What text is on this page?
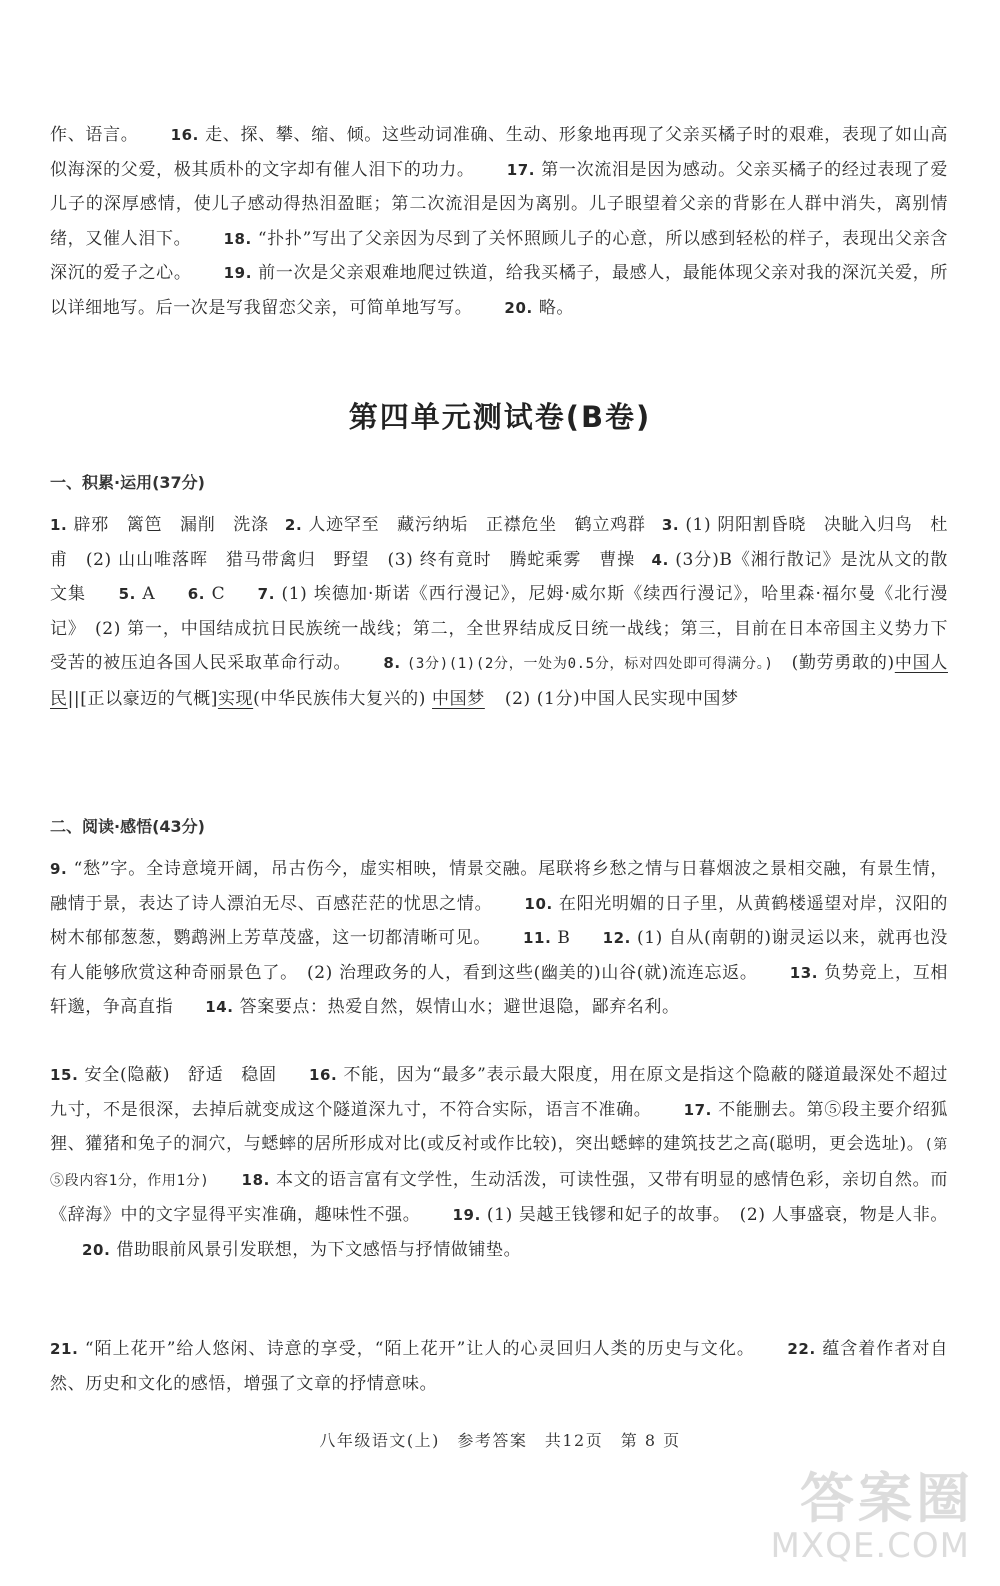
作、语言。 16. 走、探、攀、缩、倾。这些动词准确、生动、形象地再现了父亲买橘子时的艰难，表现了如山高似海深的父爱，极其质朴的文字却有催人泪下的功力。 17. 第一次流泪是因为感动。父亲买橘子的经过表现了爱儿子的深厚感情，使儿子感动得热泪盈眶；第二次流泪是因为离别。儿子眼望着父亲的背影在人群中消失，离别情绪，又催人泪下。 18. “扑扑”写出了父亲因为尽到了关怀照顾儿子的心意，所以感到轻松的样子，表现出父亲含深沉的爱子之心。 19. 前一次是父亲艰难地爬过铁道，给我买橘子，最感人，最能体现父亲对我的深沉关爱，所以详细地写。后一次是写我留恋父亲，可简单地写写。 20. 略。

第四单元测试卷(B卷)
一、积累·运用(37分)

1. 辟邪　篱笆　漏削　洗涤 2. 人迹罕至　藏污纳垢　正襟危坐　鹤立鸡群 3. (1) 阴阳割昏晓　决眦入归鸟　杜甫　(2) 山山唯落晖　猎马带禽归　野望　(3) 终有竟时　腾蛇乘雾　曹操 4. (3分)B《湘行散记》是沈从文的散文集 5. A 6. C 7. (1) 埃德加·斯诺《西行漫记》，尼姆·威尔斯《续西行漫记》，哈里森·福尔曼《北行漫记》　(2) 第一，中国结成抗日民族统一战线；第二，全世界结成反日统一战线；第三，目前在日本帝国主义势力下受苦的被压迫各国人民采取革命行动。 8. (3分)(1)(2分，一处为0.5分，标对四处即可得满分。) (勤劳勇敢的)中国人民||[正以豪迈的气概]实现(中华民族伟大复兴的) 中国梦 (2) (1分)中国人民实现中国梦

二、阅读·感悟(43分)

9. “愁”字。全诗意境开阔，吊古伤今，虚实相映，情景交融。尾联将乡愁之情与日暮烟波之景相交融，有景生情，融情于景，表达了诗人漂泊无尽、百感茫茫的忧思之情。 10. 在阳光明媚的日子里，从黄鹤楼遥望对岸，汉阳的树木郁郁葱葱，鹦鹉洲上芳草茂盛，这一切都清晰可见。 11. B 12. (1) 自从(南朝的)谢灵运以来，就再也没有人能够欣赏这种奇丽景色了。　(2) 治理政务的人，看到这些(幽美的)山谷(就)流连忘返。 13. 负势竞上，互相轩邈，争高直指 14. 答案要点：热爱自然，娱情山水；避世退隐，鄙弃名利。

15. 安全(隐蔽)　舒适　稳固 16. 不能，因为“最多”表示最大限度，用在原文是指这个隐蔽的隧道最深处不超过九寸，不是很深，去掉后就变成这个隧道深九寸，不符合实际，语言不准确。 17. 不能删去。第⑤段主要介绍狐狸、獾猪和兔子的洞穴，与蟋蟀的居所形成对比(或反衬或作比较)，突出蟋蟀的建筑技艺之高(聪明，更会选址)。(第⑤段内容1分，作用1分) 18. 本文的语言富有文学性，生动活泼，可读性强，又带有明显的感情色彩，亲切自然。而《辞海》中的文字显得平实准确，趣味性不强。 19. (1) 吴越王钱镠和妃子的故事。　(2) 人事盛衰，物是人非。 20. 借助眼前风景引发联想，为下文感悟与抒情做铺垫。

21. “陌上花开”给人悠闲、诗意的享受，“陌上花开”让人的心灵回归人类的历史与文化。 22. 蕴含着作者对自然、历史和文化的感悟，增强了文章的抒情意味。

八年级语文(上)　参考答案　共12页　第 8 页
答案圈
MXQE.COM
